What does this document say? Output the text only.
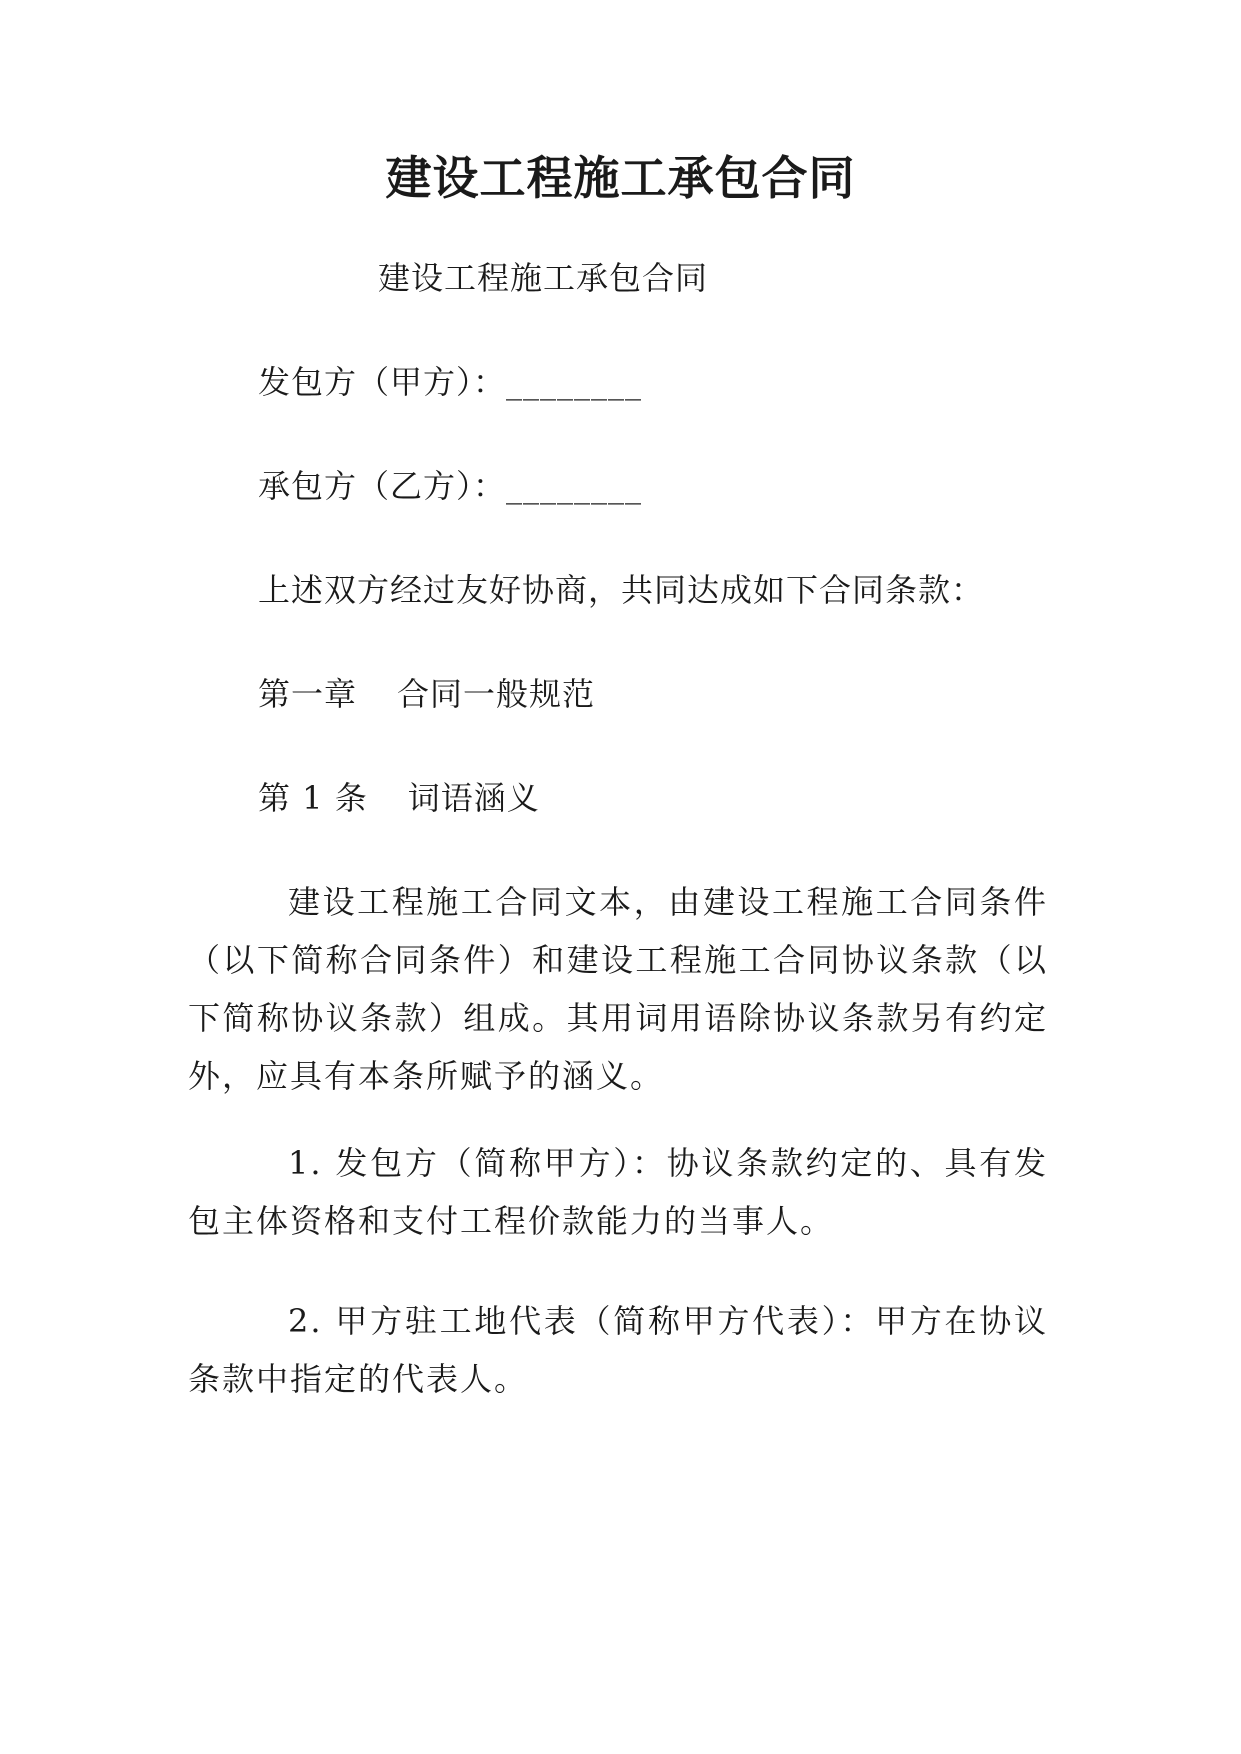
建设工程施工承包合同
建设工程施工承包合同
发包方（甲方）：________
承包方（乙方）：________
上述双方经过友好协商，共同达成如下合同条款：
第一章 合同一般规范
第 1 条 词语涵义
建设工程施工合同文本，由建设工程施工合同条件（以下简称合同条件）和建设工程施工合同协议条款（以下简称协议条款）组成。其用词用语除协议条款另有约定外，应具有本条所赋予的涵义。
1. 发包方（简称甲方）：协议条款约定的、具有发包主体资格和支付工程价款能力的当事人。
2. 甲方驻工地代表（简称甲方代表）：甲方在协议条款中指定的代表人。
